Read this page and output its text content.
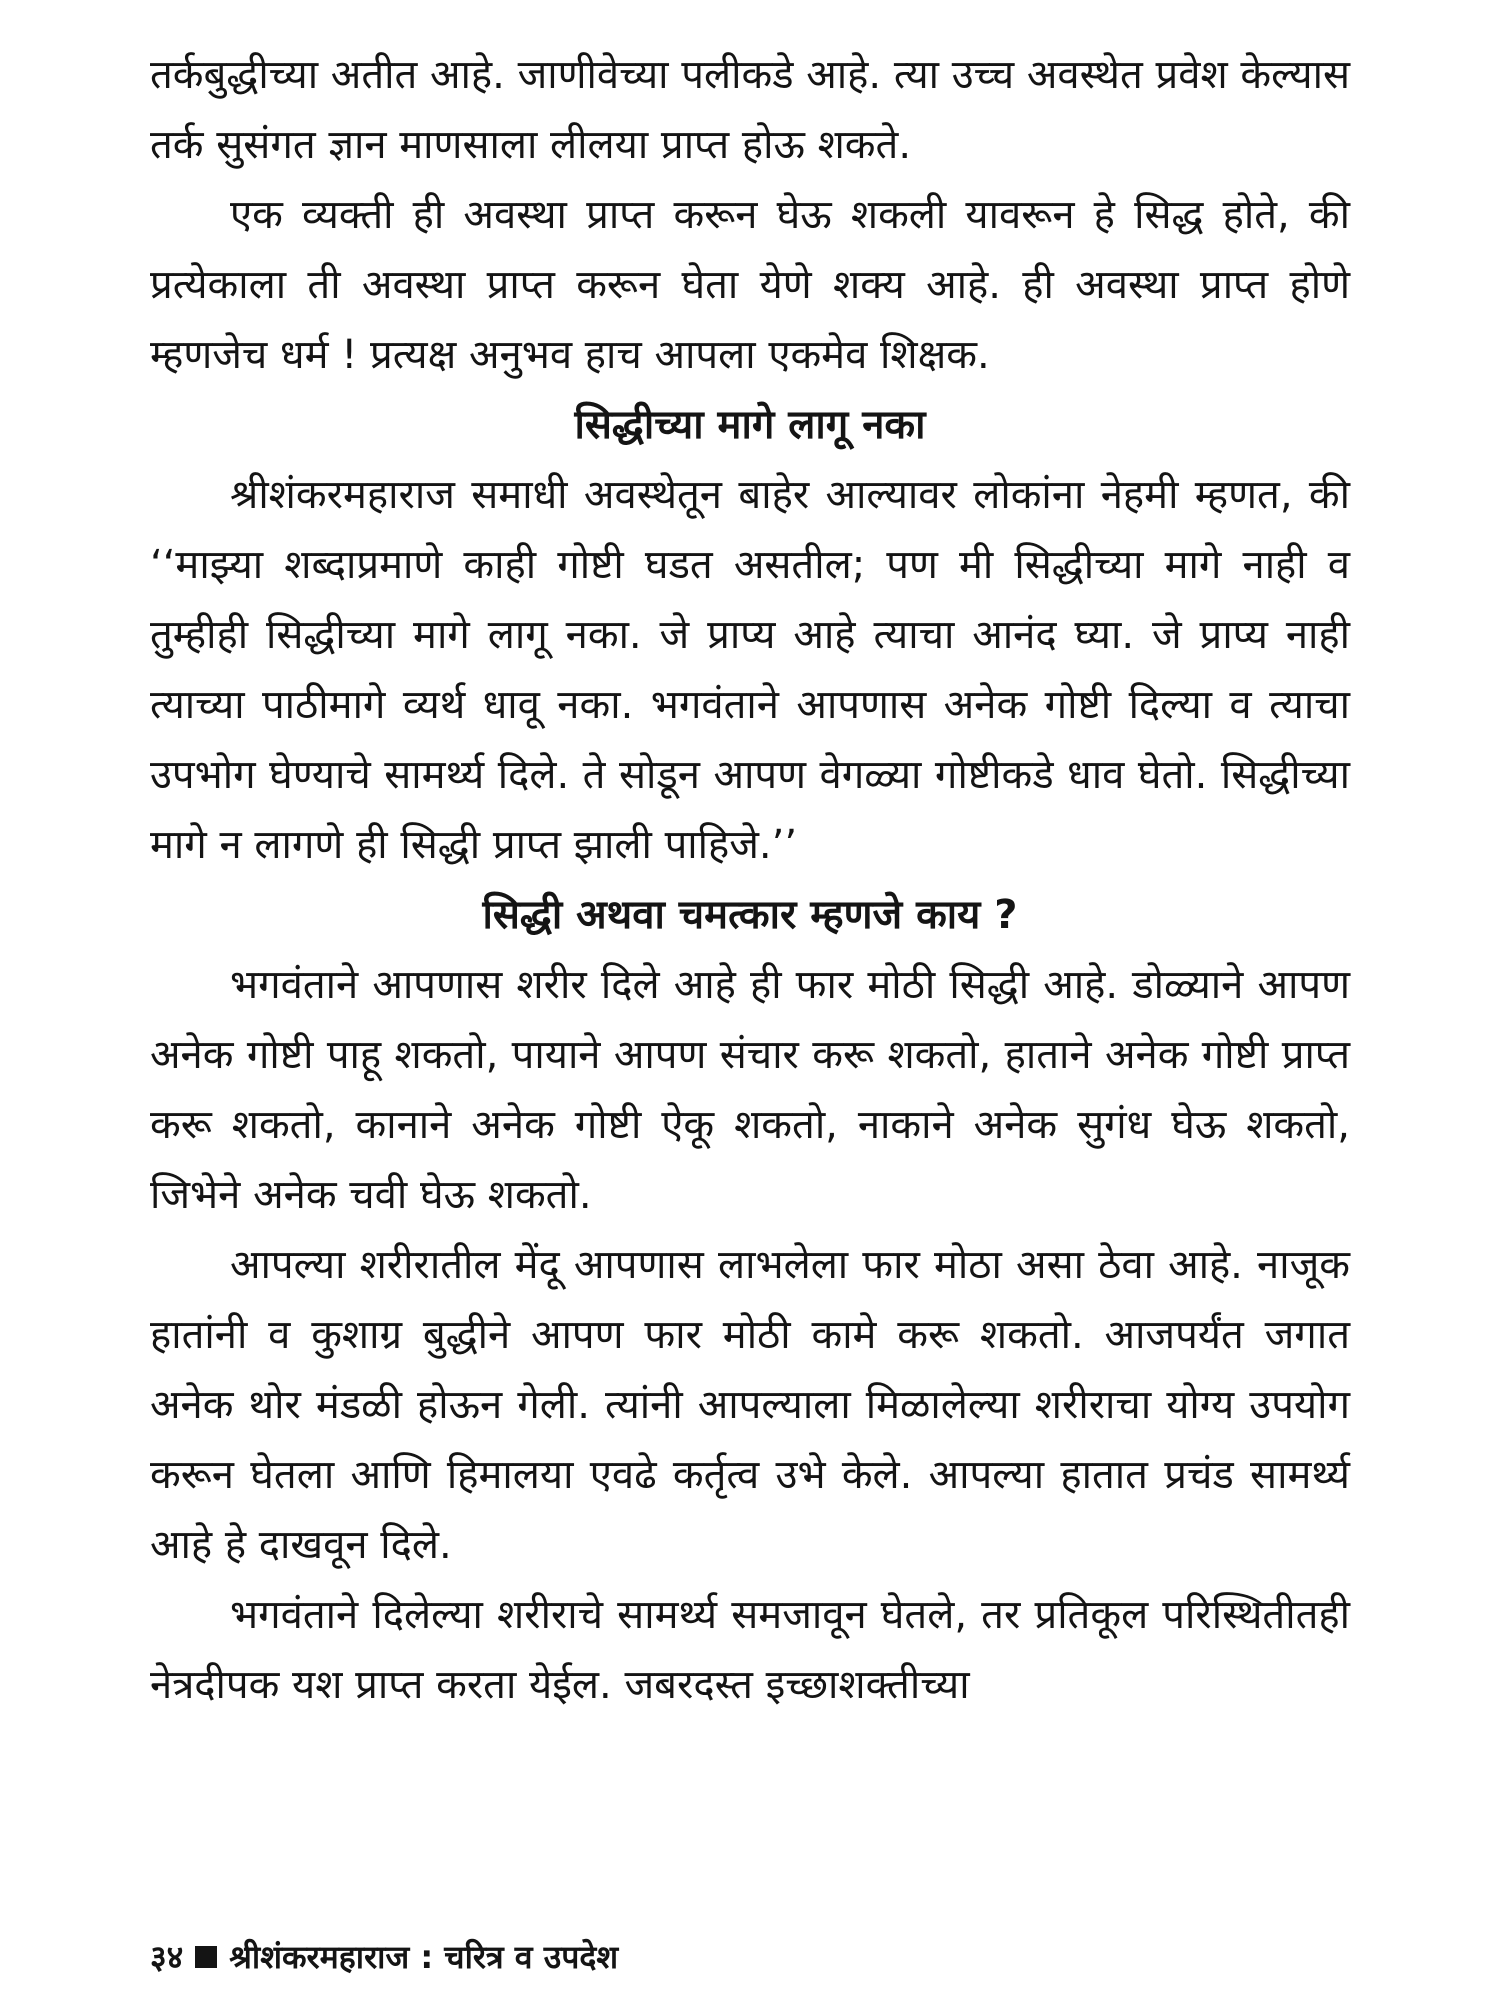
तर्कबुद्धीच्या अतीत आहे. जाणीवेच्या पलीकडे आहे. त्या उच्च अवस्थेत प्रवेश केल्यास तर्क सुसंगत ज्ञान माणसाला लीलया प्राप्त होऊ शकते.

एक व्यक्ती ही अवस्था प्राप्त करून घेऊ शकली यावरून हे सिद्ध होते, की प्रत्येकाला ती अवस्था प्राप्त करून घेता येणे शक्य आहे. ही अवस्था प्राप्त होणे म्हणजेच धर्म ! प्रत्यक्ष अनुभव हाच आपला एकमेव शिक्षक.

सिद्धीच्या मागे लागू नका

श्रीशंकरमहाराज समाधी अवस्थेतून बाहेर आल्यावर लोकांना नेहमी म्हणत, की ‘‘माझ्या शब्दाप्रमाणे काही गोष्टी घडत असतील; पण मी सिद्धीच्या मागे नाही व तुम्हीही सिद्धीच्या मागे लागू नका. जे प्राप्य आहे त्याचा आनंद घ्या. जे प्राप्य नाही त्याच्या पाठीमागे व्यर्थ धावू नका. भगवंताने आपणास अनेक गोष्टी दिल्या व त्याचा उपभोग घेण्याचे सामर्थ्य दिले. ते सोडून आपण वेगळ्या गोष्टीकडे धाव घेतो. सिद्धीच्या मागे न लागणे ही सिद्धी प्राप्त झाली पाहिजे.’’

सिद्धी अथवा चमत्कार म्हणजे काय ?

भगवंताने आपणास शरीर दिले आहे ही फार मोठी सिद्धी आहे. डोळ्याने आपण अनेक गोष्टी पाहू शकतो, पायाने आपण संचार करू शकतो, हाताने अनेक गोष्टी प्राप्त करू शकतो, कानाने अनेक गोष्टी ऐकू शकतो, नाकाने अनेक सुगंध घेऊ शकतो, जिभेने अनेक चवी घेऊ शकतो.

आपल्या शरीरातील मेंदू आपणास लाभलेला फार मोठा असा ठेवा आहे. नाजूक हातांनी व कुशाग्र बुद्धीने आपण फार मोठी कामे करू शकतो. आजपर्यंत जगात अनेक थोर मंडळी होऊन गेली. त्यांनी आपल्याला मिळालेल्या शरीराचा योग्य उपयोग करून घेतला आणि हिमालया एवढे कर्तृत्व उभे केले. आपल्या हातात प्रचंड सामर्थ्य आहे हे दाखवून दिले.

भगवंताने दिलेल्या शरीराचे सामर्थ्य समजावून घेतले, तर प्रतिकूल परिस्थितीतही नेत्रदीपक यश प्राप्त करता येईल. जबरदस्त इच्छाशक्तीच्या

३४ श्रीशंकरमहाराज : चरित्र व उपदेश
